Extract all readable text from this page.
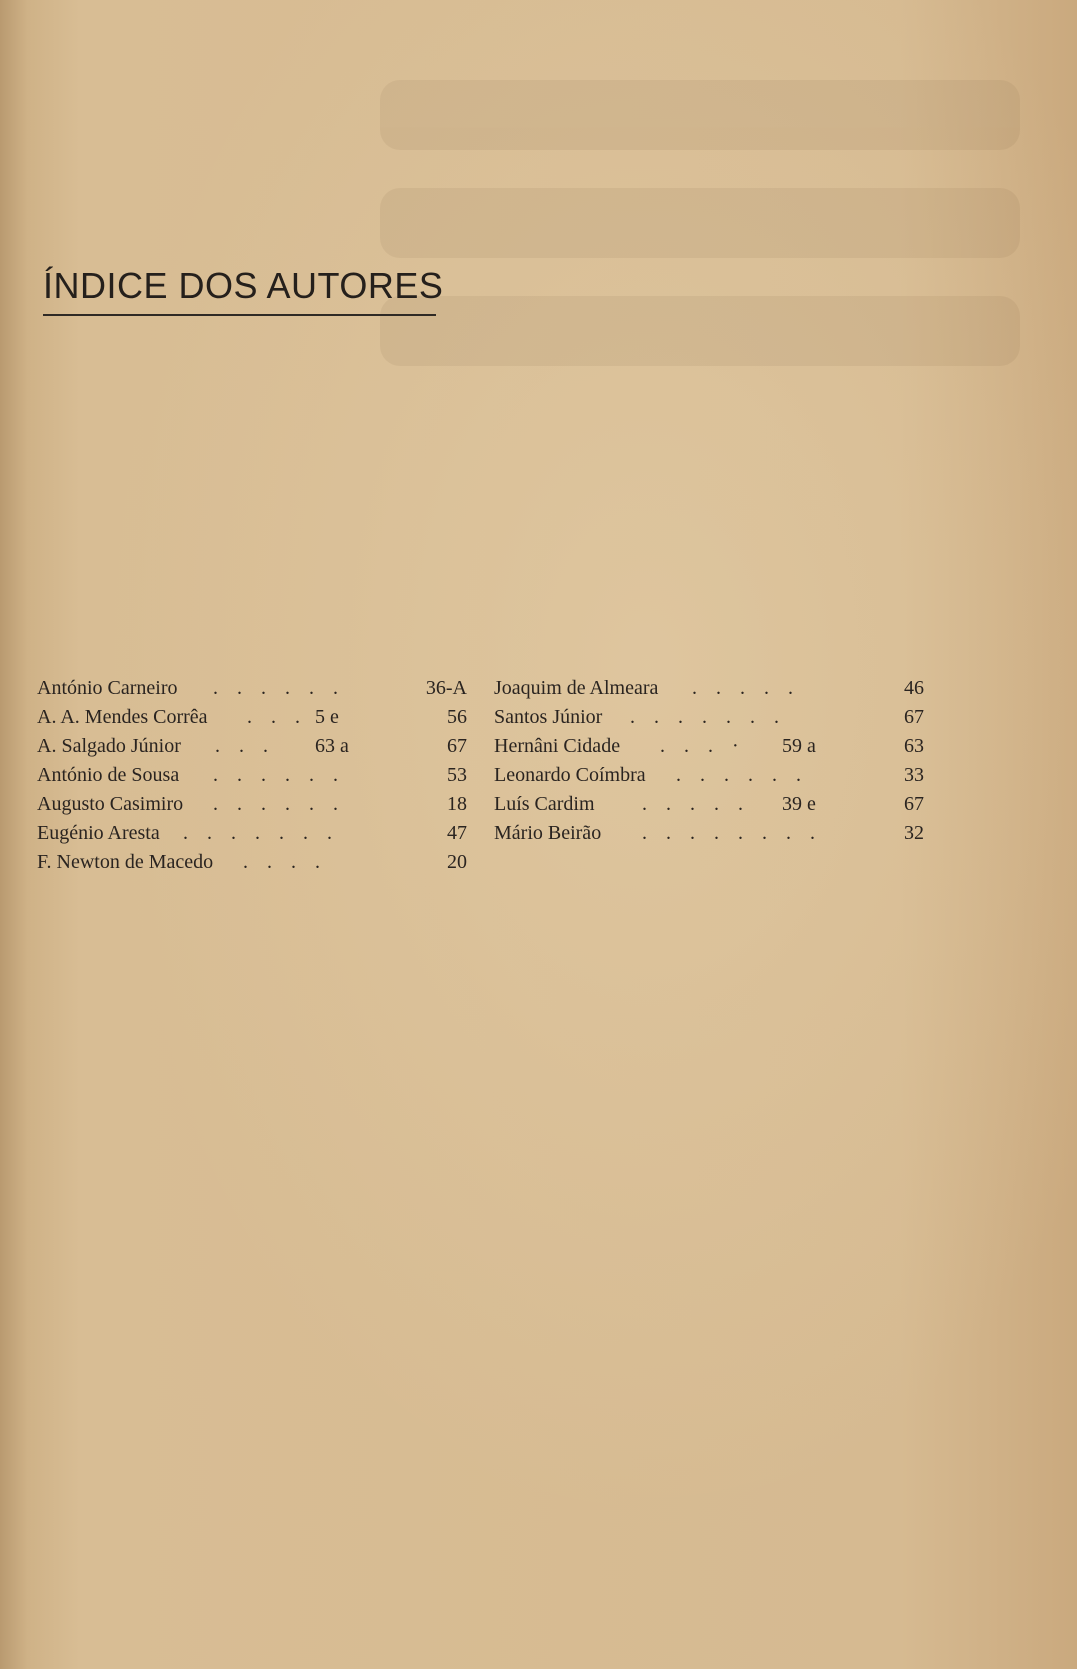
ÍNDICE DOS AUTORES
António Carneiro . . . . . .	36-A
A. A. Mendes Corrêa . . . 5 e	56
A. Salgado Júnior . . . 63 a	67
António de Sousa . . . . . .	53
Augusto Casimiro . . . . . .	18
Eugénio Aresta . . . . . . .	47
F. Newton de Macedo . . . .	20
Joaquim de Almeara . . . . .	46
Santos Júnior . . . . . . .	67
Hernâni Cidade . . . · 59 a	63
Leonardo Coímbra . . . . . .	33
Luís Cardim . . . . . 39 e	67
Mário Beirão . . . . . . . .	32
